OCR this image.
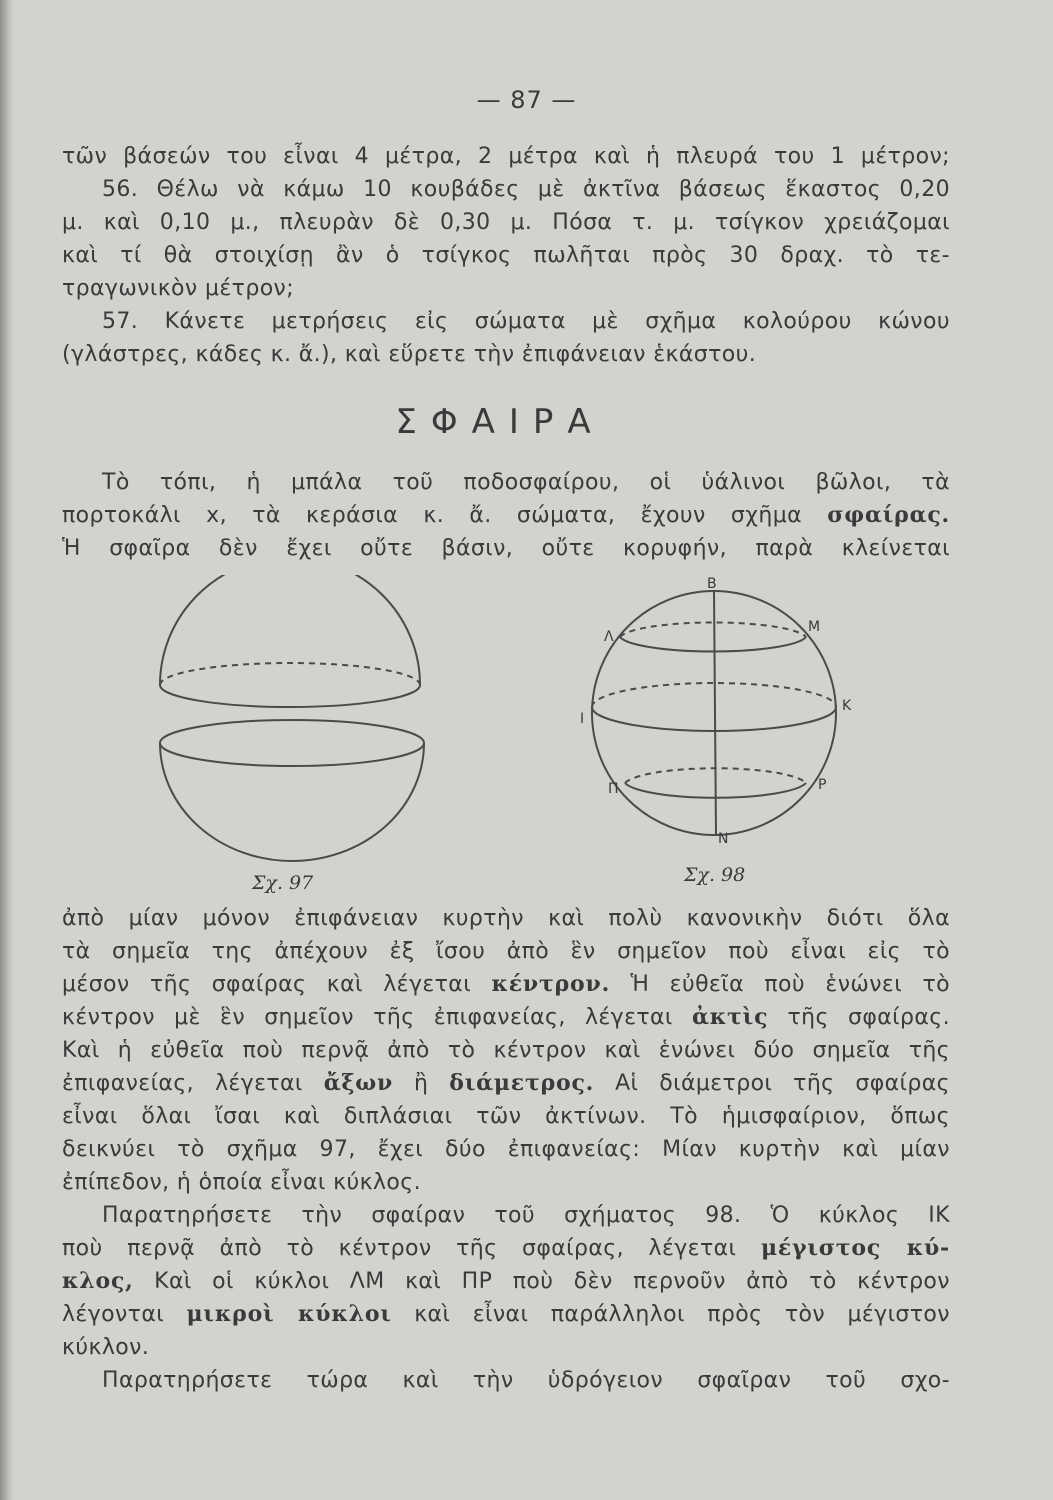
— 87 —
τῶν βάσεών του εἶναι 4 μέτρα, 2 μέτρα καὶ ἡ πλευρά του 1 μέτρον;
56. Θέλω νὰ κάμω 10 κουβάδες μὲ ἀκτῖνα βάσεως ἕκαστος 0,20
μ. καὶ 0,10 μ., πλευρὰν δὲ 0,30 μ. Πόσα τ. μ. τσίγκον χρειάζομαι
καὶ τί θὰ στοιχίσῃ ἂν ὁ τσίγκος πωλῆται πρὸς 30 δραχ. τὸ τε-
τραγωνικὸν μέτρον;
57. Κάνετε μετρήσεις εἰς σώματα μὲ σχῆμα κολούρου κώνου
(γλάστρες, κάδες κ. ἄ.), καὶ εὕρετε τὴν ἐπιφάνειαν ἑκάστου.
ΣΦΑΙΡΑ
Τὸ τόπι, ἡ μπάλα τοῦ ποδοσφαίρου, οἱ ὑάλινοι βῶλοι, τὰ
πορτοκάλι x, τὰ κεράσια κ. ἄ. σώματα, ἔχουν σχῆμα σφαίρας.
Ἡ σφαῖρα δὲν ἔχει οὔτε βάσιν, οὔτε κορυφήν, παρὰ κλείνεται
Σχ. 97
Β
Λ
Μ
Ι
Κ
Π	Ρ
Ν
Σχ. 98
ἀπὸ μίαν μόνον ἐπιφάνειαν κυρτὴν καὶ πολὺ κανονικὴν διότι ὅλα
τὰ σημεῖα της ἀπέχουν ἐξ ἴσου ἀπὸ ἓν σημεῖον ποὺ εἶναι εἰς τὸ
μέσον τῆς σφαίρας καὶ λέγεται κέντρον. Ἡ εὐθεῖα ποὺ ἑνώνει τὸ
κέντρον μὲ ἓν σημεῖον τῆς ἐπιφανείας, λέγεται ἀκτὶς τῆς σφαίρας.
Καὶ ἡ εὐθεῖα ποὺ περνᾷ ἀπὸ τὸ κέντρον καὶ ἑνώνει δύο σημεῖα τῆς
ἐπιφανείας, λέγεται ἄξων ἢ διάμετρος. Αἱ διάμετροι τῆς σφαίρας
εἶναι ὅλαι ἴσαι καὶ διπλάσιαι τῶν ἀκτίνων. Τὸ ἡμισφαίριον, ὅπως
δεικνύει τὸ σχῆμα 97, ἔχει δύο ἐπιφανείας: Μίαν κυρτὴν καὶ μίαν
ἐπίπεδον, ἡ ὁποία εἶναι κύκλος.
Παρατηρήσετε τὴν σφαίραν τοῦ σχήματος 98. Ὁ κύκλος ΙΚ
ποὺ περνᾷ ἀπὸ τὸ κέντρον τῆς σφαίρας, λέγεται μέγιστος κύ-
κλος, Καὶ οἱ κύκλοι ΛΜ καὶ ΠΡ ποὺ δὲν περνοῦν ἀπὸ τὸ κέντρον
λέγονται μικροὶ κύκλοι καὶ εἶναι παράλληλοι πρὸς τὸν μέγιστον
κύκλον.
Παρατηρήσετε τώρα καὶ τὴν ὑδρόγειον σφαῖραν τοῦ σχο-
